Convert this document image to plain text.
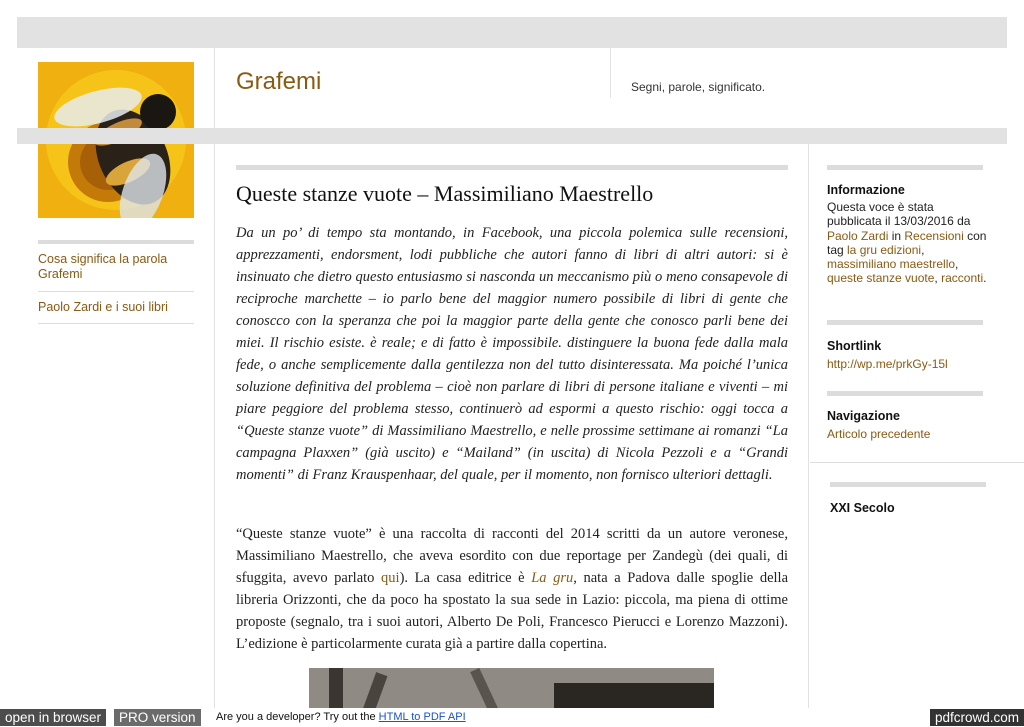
Grafemi	Segni, parole, significato.
Cosa significa la parola Grafemi
Paolo Zardi e i suoi libri
Queste stanze vuote – Massimiliano Maestrello

Da un po’ di tempo sta montando, in Facebook, una piccola polemica sulle recensioni, apprezzamenti, endorsment, lodi pubbliche che autori fanno di libri di altri autori: si è insinuato che dietro questo entusiasmo si nasconda un meccanismo più o meno consapevole di reciproche marchette – io parlo bene del maggior numero possibile di libri di gente che conoscco con la speranza che poi la maggior parte della gente che conosco parli bene dei miei. Il rischio esiste. è reale; e di fatto è impossibile. distinguere la buona fede dalla mala fede, o anche semplicemente dalla gentilezza non del tutto disinteressata. Ma poiché l’unica soluzione definitiva del problema – cioè non parlare di libri di persone italiane e viventi – mi piare peggiore del problema stesso, continuerò ad espormi a questo rischio: oggi tocca a “Queste stanze vuote” di Massimiliano Maestrello, e nelle prossime settimane ai romanzi “La campagna Plaxxen” (già uscito) e “Mailand” (in uscita) di Nicola Pezzoli e a “Grandi momenti” di Franz Krauspenhaar, del quale, per il momento, non fornisco ulteriori dettagli.

“Queste stanze vuote” è una raccolta di racconti del 2014 scritti da un autore veronese, Massimiliano Maestrello, che aveva esordito con due reportage per Zandegù (dei quali, di sfuggita, avevo parlato qui). La casa editrice è La gru, nata a Padova dalle spoglie della libreria Orizzonti, che da poco ha spostato la sua sede in Lazio: piccola, ma piena di ottime proposte (segnalo, tra i suoi autori, Alberto De Poli, Francesco Pierucci e Lorenzo Mazzoni). L’edizione è particolarmente curata già a partire dalla copertina.

Informazione
Questa voce è stata pubblicata il 13/03/2016 da Paolo Zardi in Recensioni con tag la gru edizioni, massimiliano maestrello, queste stanze vuote, racconti.
Shortlink
http://wp.me/prkGy-15l
Navigazione
Articolo precedente
XXI Secolo
open in browser	PRO version	Are you a developer? Try out the HTML to PDF API	pdfcrowd.com
